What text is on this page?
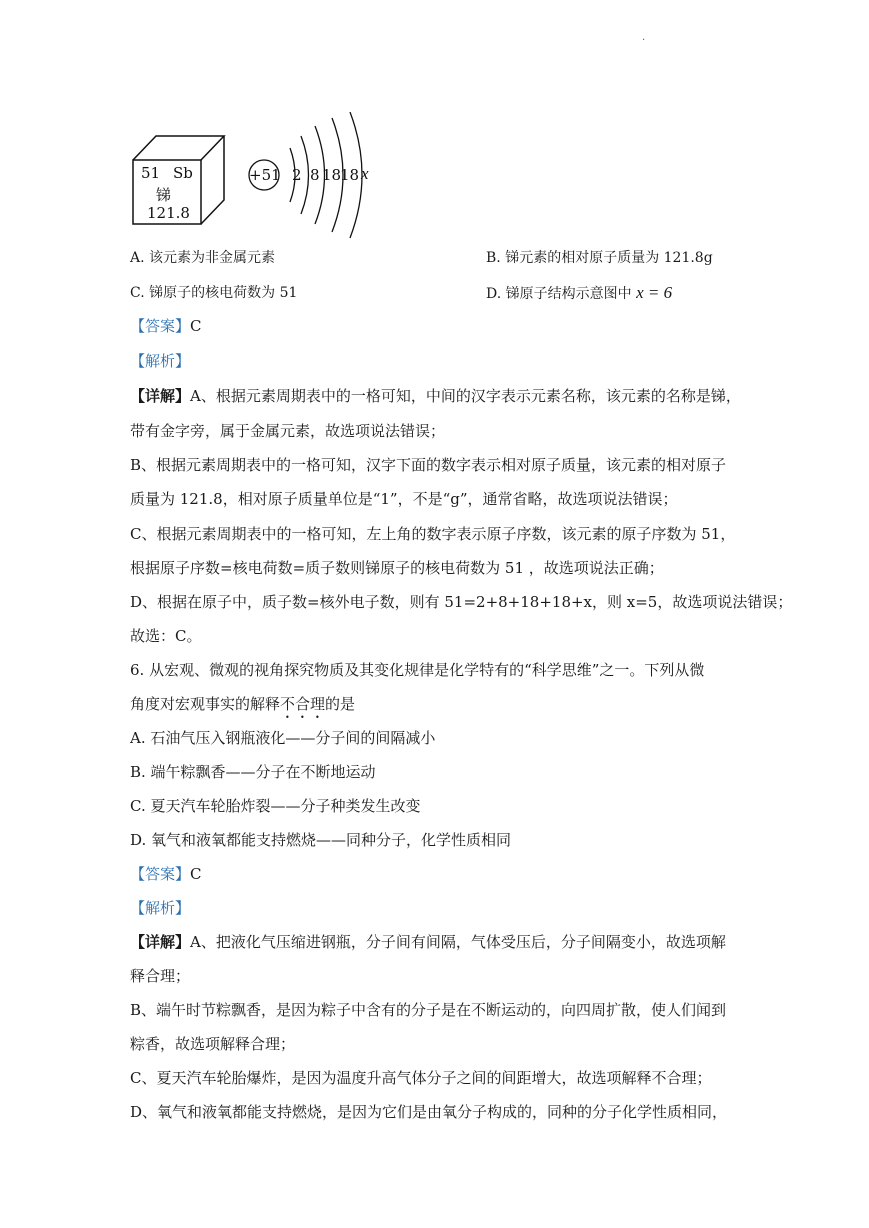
.
51 Sb
锑
121.8
+51 2 8 18
18 x
A. 该元素为非金属元素	B. 锑元素的相对原子质量为 121.8g
C. 锑原子的核电荷数为 51	D. 锑原子结构示意图中 x = 6
【答案】C
【解析】
【详解】A、根据元素周期表中的一格可知，中间的汉字表示元素名称，该元素的名称是锑，
带有金字旁，属于金属元素，故选项说法错误；
B、根据元素周期表中的一格可知，汉字下面的数字表示相对原子质量，该元素的相对原子
质量为 121.8，相对原子质量单位是“1”，不是“g”，通常省略，故选项说法错误；
C、根据元素周期表中的一格可知，左上角的数字表示原子序数，该元素的原子序数为 51，
根据原子序数=核电荷数=质子数则锑原子的核电荷数为 51 ，故选项说法正确；
D、根据在原子中，质子数=核外电子数，则有 51=2+8+18+18+x，则 x=5，故选项说法错误；
故选：C。
6. 从宏观、微观的视角探究物质及其变化规律是化学特有的“科学思维”之一。下列从微
角度对宏观事实的解释不合理的是
A. 石油气压入钢瓶液化——分子间的间隔减小
B. 端午粽飘香——分子在不断地运动
C. 夏天汽车轮胎炸裂——分子种类发生改变
D. 氧气和液氧都能支持燃烧——同种分子，化学性质相同
【答案】C
【解析】
【详解】A、把液化气压缩进钢瓶，分子间有间隔，气体受压后，分子间隔变小，故选项解
释合理；
B、端午时节粽飘香，是因为粽子中含有的分子是在不断运动的，向四周扩散，使人们闻到
粽香，故选项解释合理；
C、夏天汽车轮胎爆炸，是因为温度升高气体分子之间的间距增大，故选项解释不合理；
D、氧气和液氧都能支持燃烧，是因为它们是由氧分子构成的，同种的分子化学性质相同，
